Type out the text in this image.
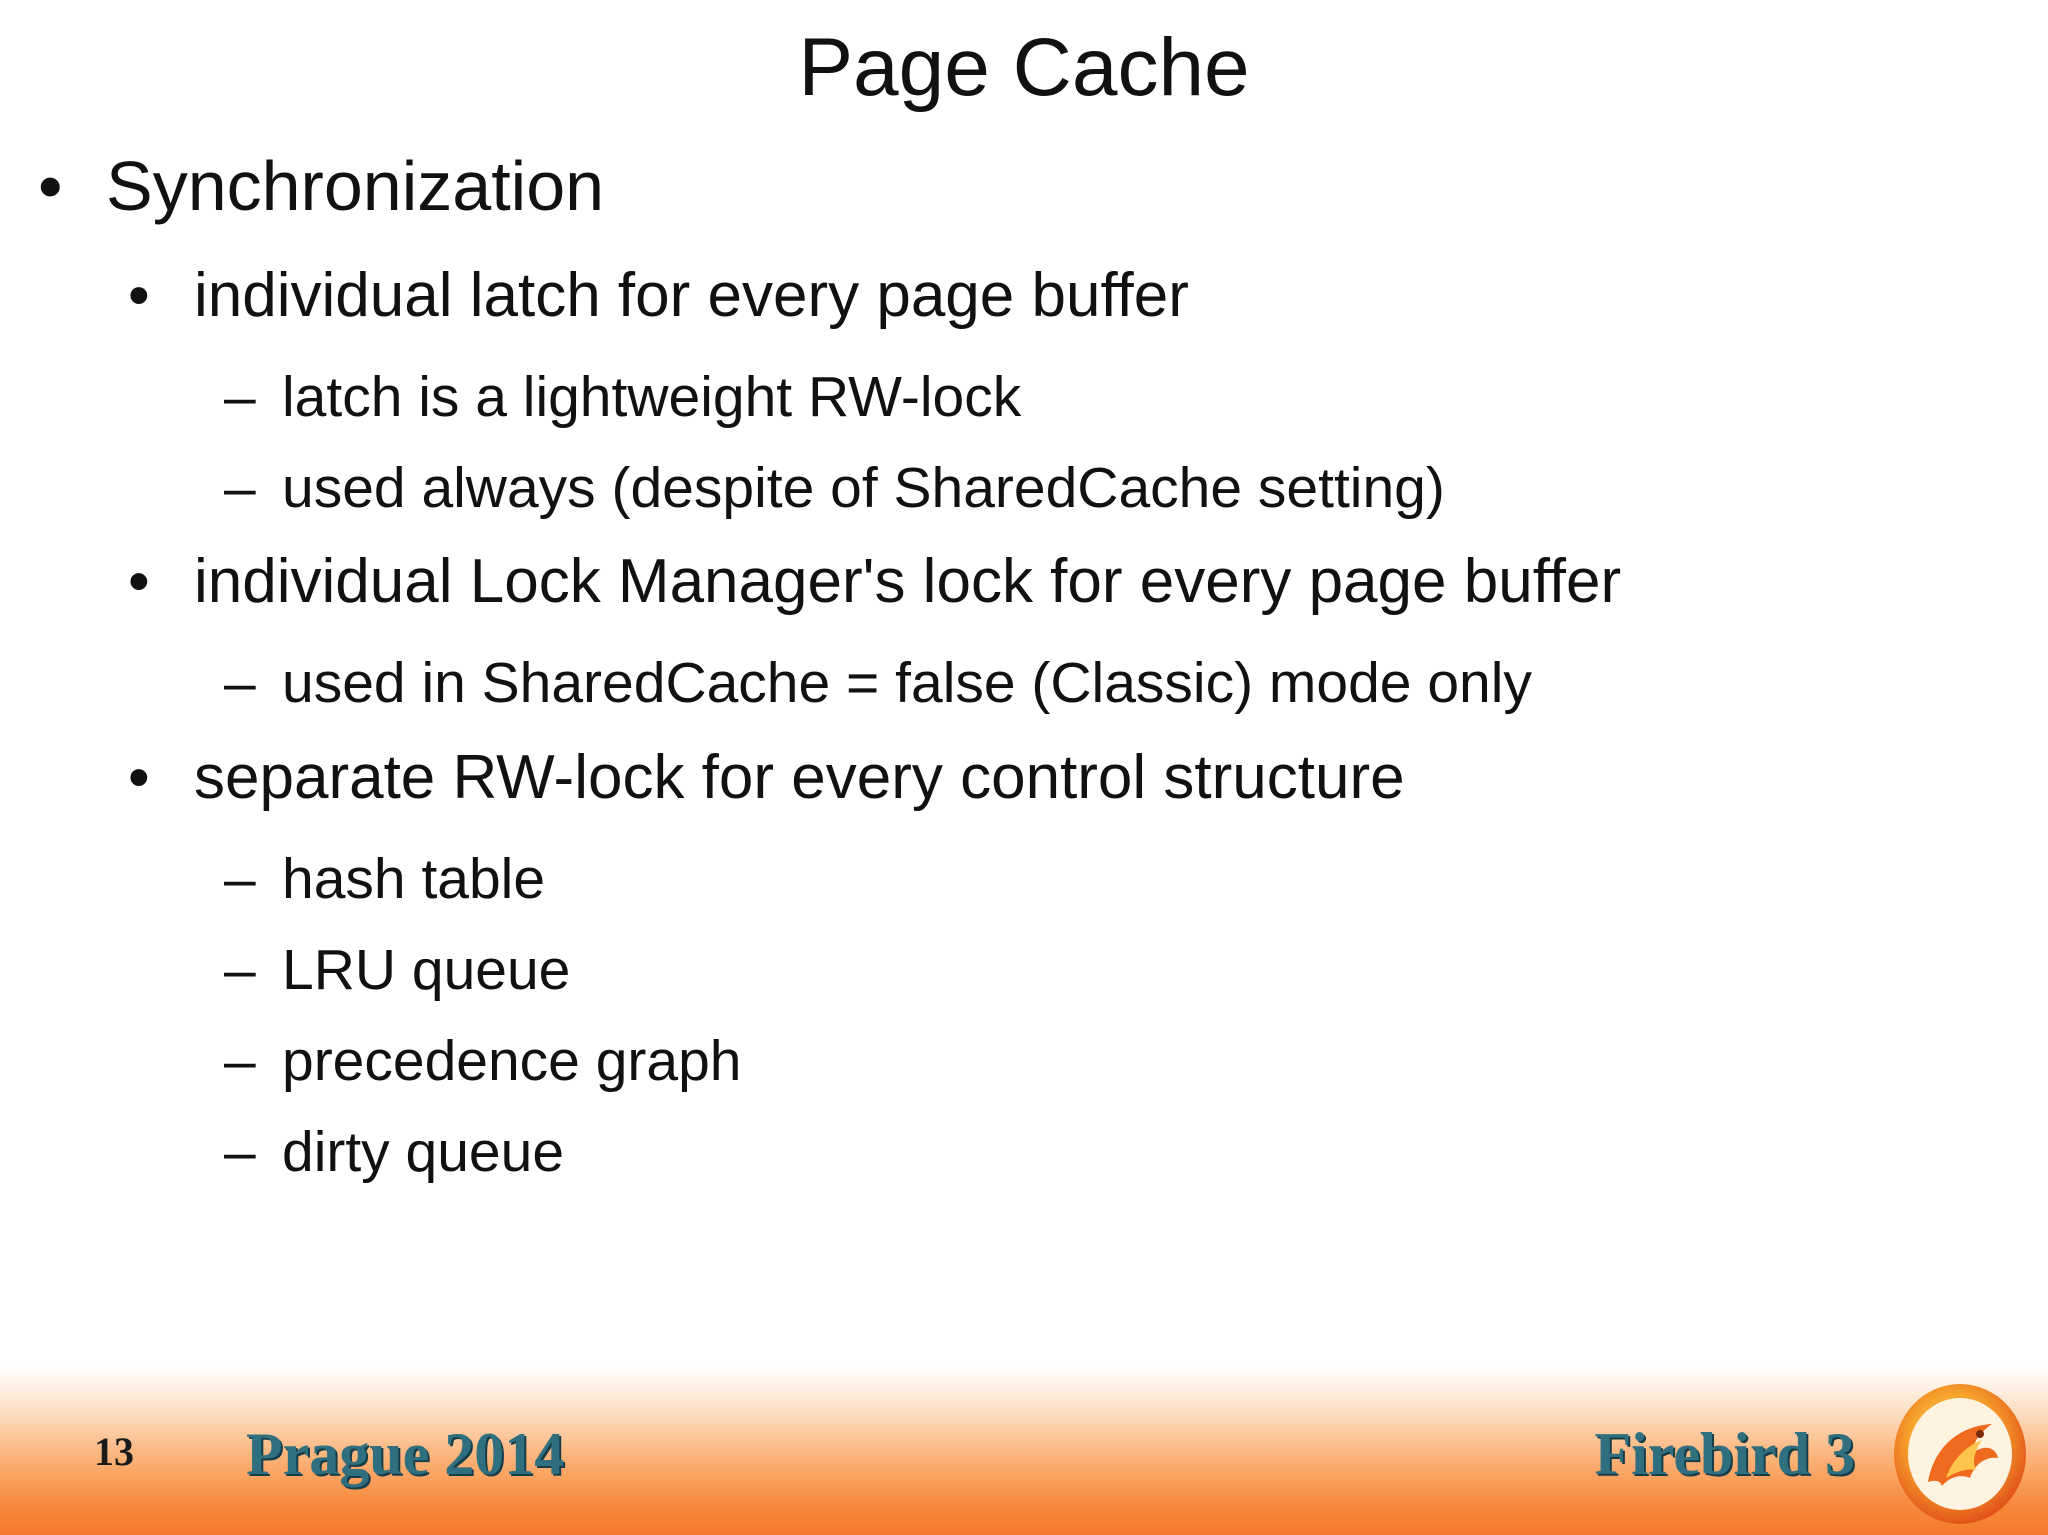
Page Cache
• Synchronization
• individual latch for every page buffer
– latch is a lightweight RW-lock
– used always (despite of SharedCache setting)
• individual Lock Manager's lock for every page buffer
– used in SharedCache = false (Classic) mode only
• separate RW-lock for every control structure
– hash table
– LRU queue
– precedence graph
– dirty queue
13 Prague 2014	Firebird 3
